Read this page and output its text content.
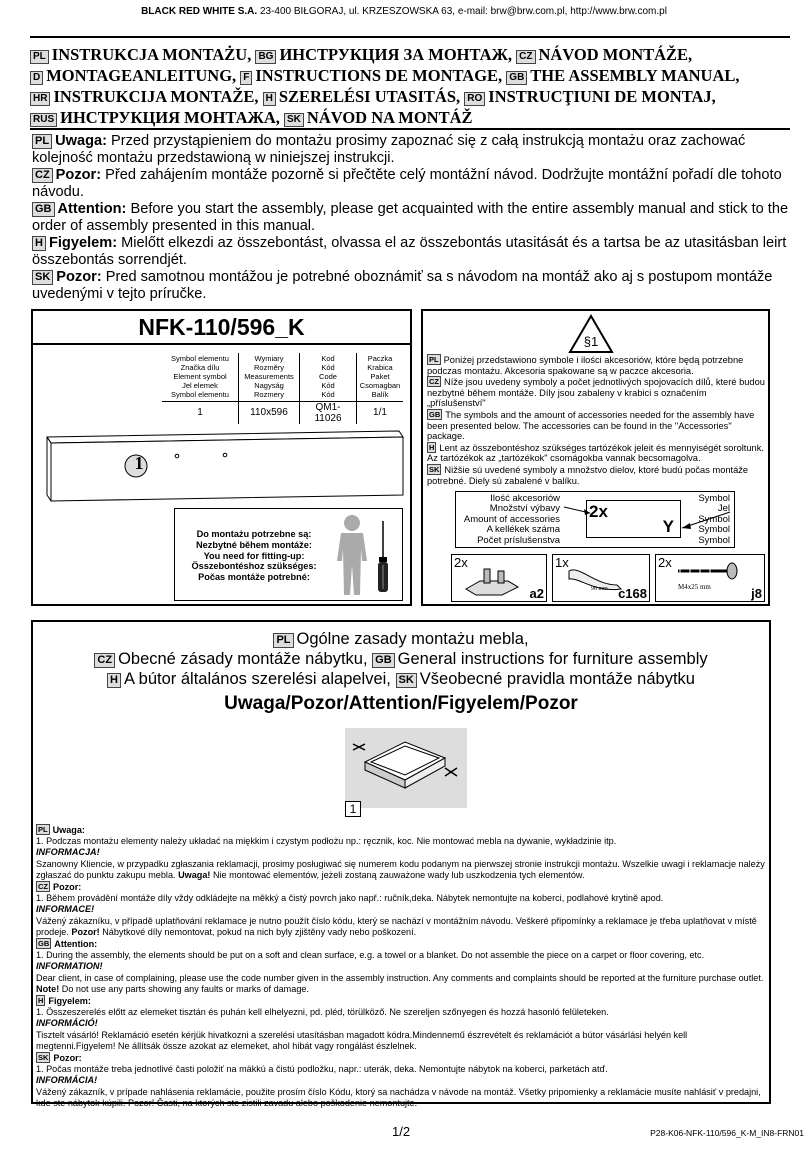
BLACK RED WHITE S.A. 23-400 BIŁGORAJ, ul. KRZESZOWSKA 63, e-mail: brw@brw.com.pl, http://www.brw.com.pl
PL INSTRUKCJA MONTAŻU, BG ИНСТРУКЦИЯ ЗА МОНТАЖ, CZ NÁVOD MONTÁŽE,
D MONTAGEANLEITUNG, F INSTRUCTIONS DE MONTAGE, GB THE ASSEMBLY MANUAL,
HR INSTRUKCIJA MONTAŽE, H SZERELÉSI UTASITÁS, RO INSTRUCŢIUNI DE MONTAJ,
RUS ИНСТРУКЦИЯ МОНТАЖА, SK NÁVOD NA MONTÁŽ

PL Uwaga: Przed przystąpieniem do montażu prosimy zapoznać się z całą instrukcją montażu oraz zachować kolejność montażu przedstawioną w niniejszej instrukcji.

CZ Pozor: Před zahájením montáže pozorně si přečtěte celý montážní návod. Dodržujte montážní pořadí dle tohoto návodu.

GB Attention: Before you start the assembly, please get acquainted with the entire assembly manual and stick to the order of assembly presented in this manual.

H Figyelem: Mielőtt elkezdi az összebontást, olvassa el az összebontás utasitását és a tartsa be az utasitásban leirt összebontás sorrendjét.

SK Pozor: Pred samotnou montážou je potrebné oboznámiť sa s návodom na montáž ako aj s postupom montáže uvedenými v tejto príručke.

NFK-110/596_K
Symbol elementu
Značka dílu
Element symbol
Jel elemek
Symbol elementu	Wymiary
Rozměry
Measurements
Nagyság
Rozmery	Kod
Kód
Code
Kód
Kód	Paczka
Krabica
Paket
Csomagban
Balík
1	110x596	QM1-11026	1/1
1
Do montażu potrzebne są:
Nezbytné během montáže:
You need for fitting-up:
Összebontéshoz szükséges:
Počas montáže potrebné:
§1

PL Poniżej przedstawiono symbole i ilości akcesoriów, które będą potrzebne podczas montażu. Akcesoria spakowane są w paczce akcesoria.

CZ Níže jsou uvedeny symboly a počet jednotlivých spojovacích dílů, které budou nezbytné během montáže. Díly jsou zabaleny v krabici s označením „příslušenství"

GB The symbols and the amount of accessories needed for the assembly have been presented below. The accessories can be found in the "Accessories" package.

H Lent az összebontéshoz szükséges tartózékok jeleit és mennyiségét soroltunk. Az tartózékok az „tartózékok" csomágokba vannak becsomagolva.

SK Nižšie sú uvedené symboly a množstvo dielov, ktoré budú počas montáže potrebné. Diely sú zabalené v balíku.

Ilość akcesoriów
Množství výbavy
Amount of accessories
A kellékek száma
Počet príslušenstva
Symbol
Jel
Symbol
Symbol
Symbol
2x
Y
2x
a2
1x
96 mm c168
2x
M4x25 mm	j8
PL Ogólne zasady montażu mebla,
CZ Obecné zásady montáže nábytku, GB General instructions for furniture assembly
H A bútor általános szerelési alapelvei, SK Všeobecné pravidla montáže nábytku
Uwaga/Pozor/Attention/Figyelem/Pozor
1

PL Uwaga:

1. Podczas montażu elementy należy układać na miękkim i czystym podłożu np.: ręcznik, koc. Nie montować mebla na dywanie, wykładzinie itp.

INFORMACJA!

Szanowny Kliencie, w przypadku zgłaszania reklamacji, prosimy posługiwać się numerem kodu podanym na pierwszej stronie instrukcji montażu. Wszelkie uwagi i reklamacje należy zgłaszać do punktu zakupu mebla. Uwaga! Nie montować elementów, jeżeli zostaną zauważone wady lub uszkodzenia tych elementów.

CZ Pozor:

1. Během provádění montáže díly vždy odkládejte na měkký a čistý povrch jako např.: ručník,deka. Nábytek nemontujte na koberci, podlahové krytině apod.

INFORMACE!

Vážený zákazníku, v případě uplatňování reklamace je nutno použít číslo kódu, který se nachází v montážním návodu. Veškeré připomínky a reklamace je třeba uplatňovat v místě prodeje. Pozor! Nábytkové díly nemontovat, pokud na nich byly zjištěny vady nebo poškození.

GB Attention:

1. During the assembly, the elements should be put on a soft and clean surface, e.g. a towel or a blanket. Do not assemble the piece on a carpet or floor covering, etc.

INFORMATION!

Dear client, in case of complaining, please use the code number given in the assembly instruction. Any comments and complaints should be reported at the furniture purchase outlet. Note! Do not use any parts showing any faults or marks of damage.

H Figyelem:

1. Összeszerelés előtt az elemeket tisztán és puhán kell elhelyezni, pd. pléd, törülköző. Ne szereljen szőnyegen és hozzá hasonló felületeken.

INFORMÁCIÓ!

Tisztelt vásárló! Reklamáció esetén kérjük hivatkozni a szerelési utasításban magadott kódra.Mindennemű észrevételt és reklamációt a bútor vásárlási helyén kell megtenni.Figyelem! Ne állítsák össze azokat az elemeket, ahol hibát vagy rongálást észlelnek.

SK Pozor:

1. Počas montáže treba jednotlivé časti položiť na mäkkú a čistú podložku, napr.: uterák, deka. Nemontujte nábytok na koberci, parketách atď.

INFORMÁCIA!

Vážený zákazník, v prípade nahlásenia reklamácie, použite prosím číslo Kódu, ktorý sa nachádza v návode na montáž. Všetky pripomienky a reklamácie musíte nahlásiť v predajni, kde ste nábytok kúpili. Pozor! Časti, na ktorých ste zistili zavadu alebo poškodenie nemontujte.

1/2	P28-K06-NFK-110/596_K-M_IN8-FRN01
